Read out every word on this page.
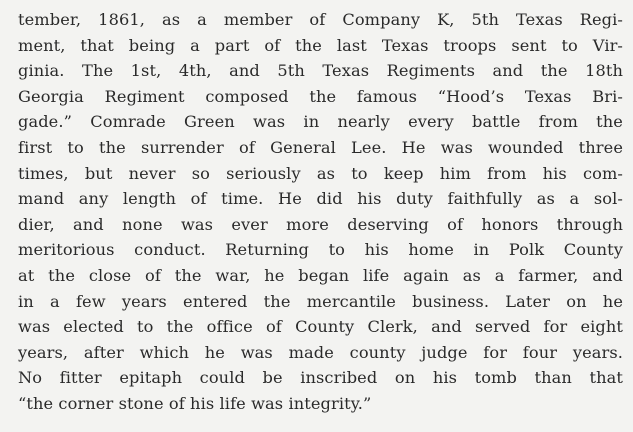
tember, 1861, as a member of Company K, 5th Texas Regi-
ment, that being a part of the last Texas troops sent to Vir-
ginia. The 1st, 4th, and 5th Texas Regiments and the 18th
Georgia Regiment composed the famous “Hood’s Texas Bri-
gade.” Comrade Green was in nearly every battle from the
first to the surrender of General Lee. He was wounded three
times, but never so seriously as to keep him from his com-
mand any length of time. He did his duty faithfully as a sol-
dier, and none was ever more deserving of honors through
meritorious conduct. Returning to his home in Polk County
at the close of the war, he began life again as a farmer, and
in a few years entered the mercantile business. Later on he
was elected to the office of County Clerk, and served for eight
years, after which he was made county judge for four years.
No fitter epitaph could be inscribed on his tomb than that
“the corner stone of his life was integrity.”
